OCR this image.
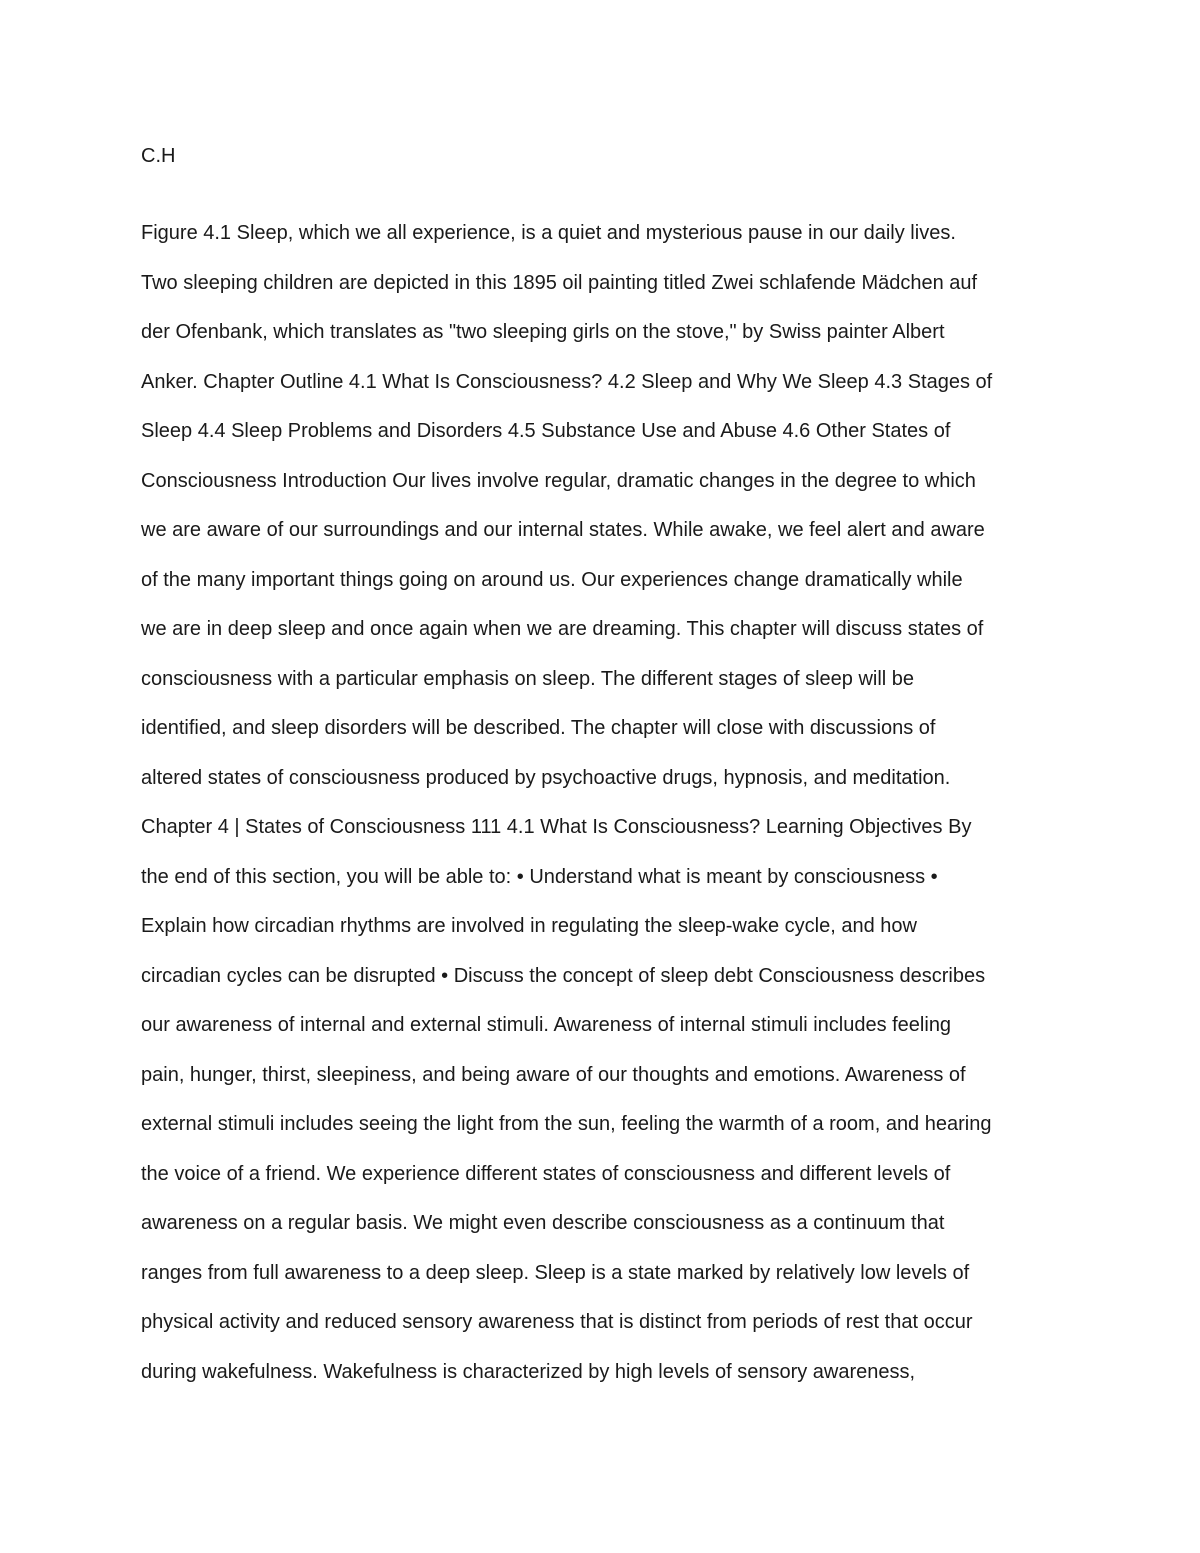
C.H
Figure 4.1 Sleep, which we all experience, is a quiet and mysterious pause in our daily lives.
Two sleeping children are depicted in this 1895 oil painting titled Zwei schlafende Mädchen auf
der Ofenbank, which translates as "two sleeping girls on the stove," by Swiss painter Albert
Anker. Chapter Outline 4.1 What Is Consciousness? 4.2 Sleep and Why We Sleep 4.3 Stages of
Sleep 4.4 Sleep Problems and Disorders 4.5 Substance Use and Abuse 4.6 Other States of
Consciousness Introduction Our lives involve regular, dramatic changes in the degree to which
we are aware of our surroundings and our internal states. While awake, we feel alert and aware
of the many important things going on around us. Our experiences change dramatically while
we are in deep sleep and once again when we are dreaming. This chapter will discuss states of
consciousness with a particular emphasis on sleep. The different stages of sleep will be
identified, and sleep disorders will be described. The chapter will close with discussions of
altered states of consciousness produced by psychoactive drugs, hypnosis, and meditation.
Chapter 4 | States of Consciousness 111 4.1 What Is Consciousness? Learning Objectives By
the end of this section, you will be able to: • Understand what is meant by consciousness •
Explain how circadian rhythms are involved in regulating the sleep-wake cycle, and how
circadian cycles can be disrupted • Discuss the concept of sleep debt Consciousness describes
our awareness of internal and external stimuli. Awareness of internal stimuli includes feeling
pain, hunger, thirst, sleepiness, and being aware of our thoughts and emotions. Awareness of
external stimuli includes seeing the light from the sun, feeling the warmth of a room, and hearing
the voice of a friend. We experience different states of consciousness and different levels of
awareness on a regular basis. We might even describe consciousness as a continuum that
ranges from full awareness to a deep sleep. Sleep is a state marked by relatively low levels of
physical activity and reduced sensory awareness that is distinct from periods of rest that occur
during wakefulness. Wakefulness is characterized by high levels of sensory awareness,
